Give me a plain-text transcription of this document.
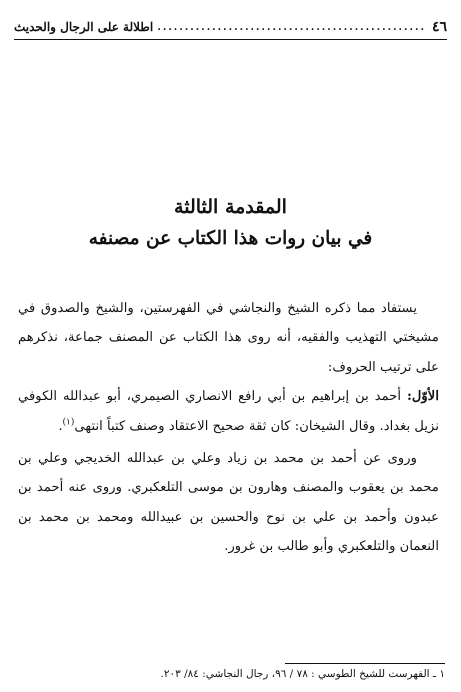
٤٦
.....
اطلالة على الرجال والحديث
المقدمة الثالثة
في بيان روات هذا الكتاب عن مصنفه

يستفاد مما ذكره الشيخ والنجاشي في الفهرستين، والشيخ والصدوق في مشيختي التهذيب والفقيه، أنه روى هذا الكتاب عن المصنف جماعة، نذكرهم على ترتيب الحروف:

الأوّل: أحمد بن إبراهيم بن أبي رافع الانصاري الصيمري، أبو عبدالله الكوفي نزيل بغداد. وقال الشيخان: كان ثقة صحيح الاعتقاد وصنف كتباً انتهى$^{(١)}$.

وروى عن أحمد بن محمد بن زياد وعلي بن عبدالله الخديجي وعلي بن محمد بن يعقوب والمصنف وهارون بن موسى التلعكبري. وروى عنه أحمد بن عبدون وأحمد بن علي بن نوح والحسين بن عبيدالله ومحمد بن محمد بن النعمان والتلعكبري وأبو طالب بن غرور.

١ ـ الفهرست للشيخ الطوسي : ٧٨ / ٩٦، رجال النجاشي: ٨٤/ ٢٠٣.
